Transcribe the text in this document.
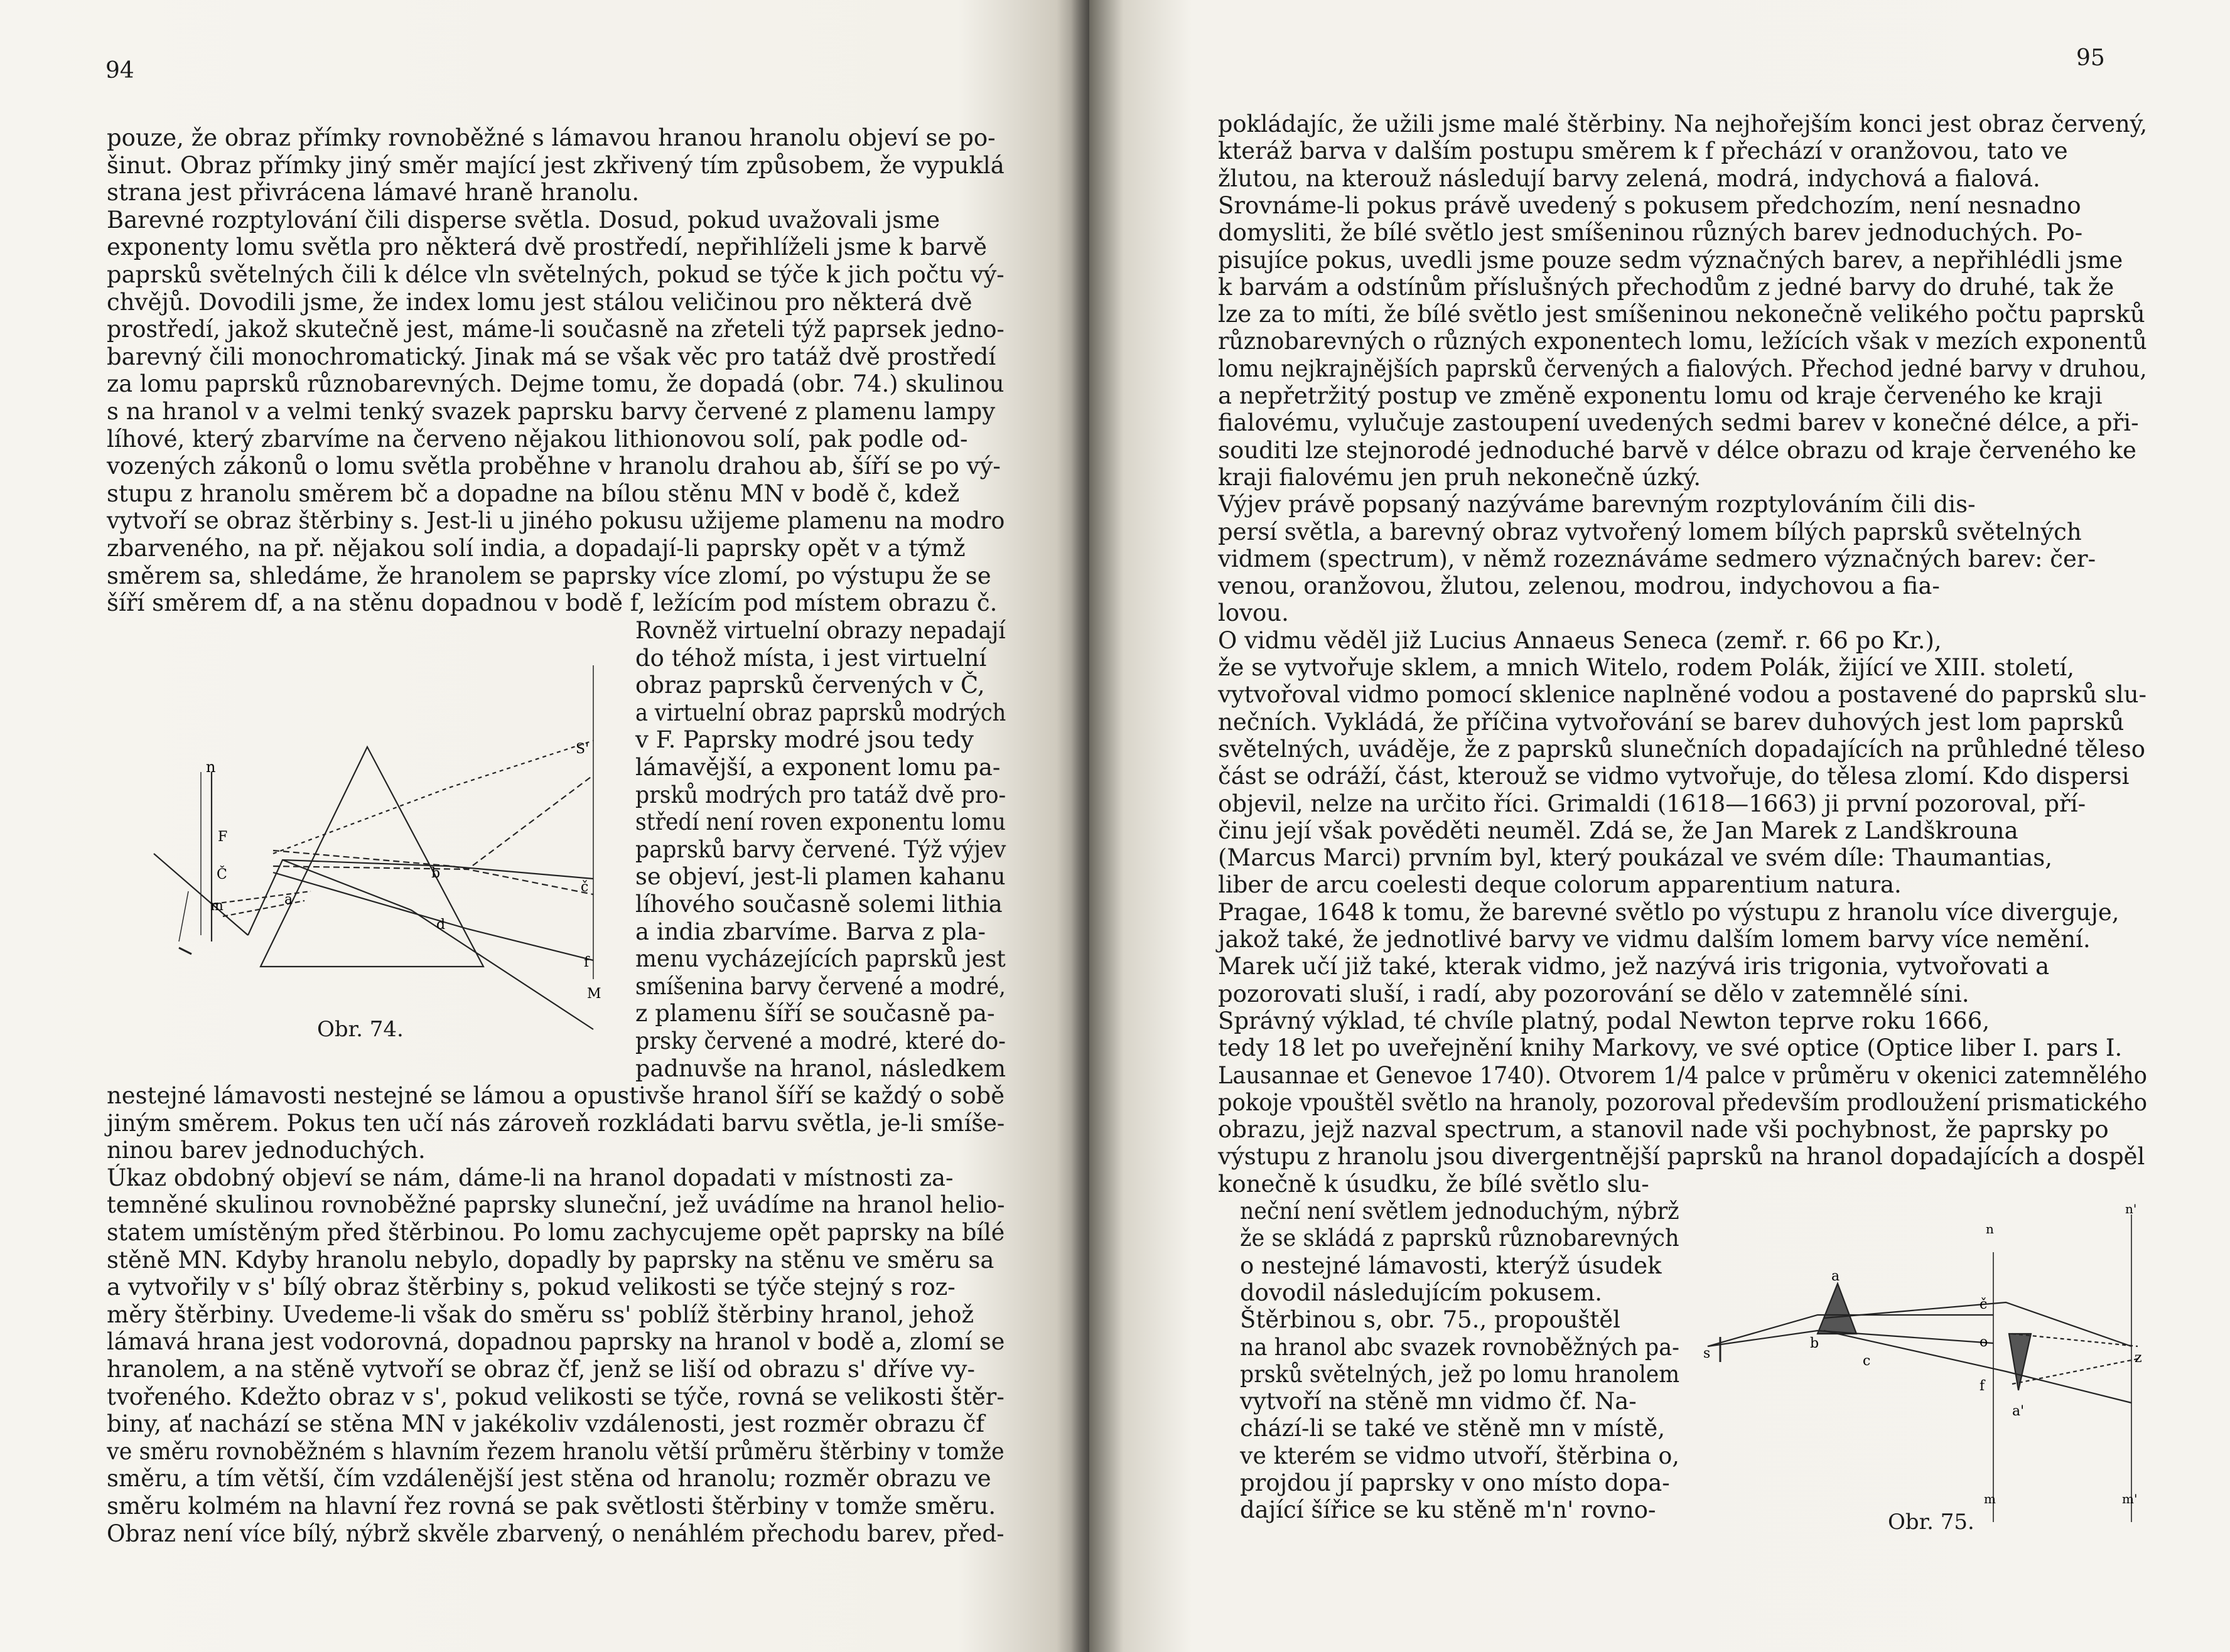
94
pouze, že obraz přímky rovnoběžné s lámavou hranou hranolu objeví se po-
šinut. Obraz přímky jiný směr mající jest zkřivený tím způsobem, že vypuklá
strana jest přivrácena lámavé hraně hranolu.
Barevné rozptylování čili disperse světla. Dosud, pokud uvažovali jsme
exponenty lomu světla pro některá dvě prostředí, nepřihlíželi jsme k barvě
paprsků světelných čili k délce vln světelných, pokud se týče k jich počtu vý-
chvějů. Dovodili jsme, že index lomu jest stálou veličinou pro některá dvě
prostředí, jakož skutečně jest, máme-li současně na zřeteli týž paprsek jedno-
barevný čili monochromatický. Jinak má se však věc pro tatáž dvě prostředí
za lomu paprsků různobarevných. Dejme tomu, že dopadá (obr. 74.) skulinou
s na hranol v a velmi tenký svazek paprsku barvy červené z plamenu lampy
líhové, který zbarvíme na červeno nějakou lithionovou solí, pak podle od-
vozených zákonů o lomu světla proběhne v hranolu drahou ab, šíří se po vý-
stupu z hranolu směrem bč a dopadne na bílou stěnu MN v bodě č, kdež
vytvoří se obraz štěrbiny s. Jest-li u jiného pokusu užijeme plamenu na modro
zbarveného, na př. nějakou solí india, a dopadají-li paprsky opět v a týmž
směrem sa, shledáme, že hranolem se paprsky více zlomí, po výstupu že se
šíří směrem df, a na stěnu dopadnou v bodě f, ležícím pod místem obrazu č.
Rovněž virtuelní obrazy nepadají
do téhož místa, i jest virtuelní
obraz paprsků červených v Č,
a virtuelní obraz paprsků modrých
v F. Paprsky modré jsou tedy
lámavější, a exponent lomu pa-
prsků modrých pro tatáž dvě pro-
středí není roven exponentu lomu
paprsků barvy červené. Týž výjev
se objeví, jest-li plamen kahanu
líhového současně solemi lithia
a india zbarvíme. Barva z pla-
menu vycházejících paprsků jest
smíšenina barvy červené a modré,
z plamenu šíří se současně pa-
prsky červené a modré, které do-
padnuvše na hranol, následkem
nestejné lámavosti nestejné se lámou a opustivše hranol šíří se každý o sobě
jiným směrem. Pokus ten učí nás zároveň rozkládati barvu světla, je-li smíše-
ninou barev jednoduchých.
Úkaz obdobný objeví se nám, dáme-li na hranol dopadati v místnosti za-
temněné skulinou rovnoběžné paprsky sluneční, jež uvádíme na hranol helio-
statem umístěným před štěrbinou. Po lomu zachycujeme opět paprsky na bílé
stěně MN. Kdyby hranolu nebylo, dopadly by paprsky na stěnu ve směru sa
a vytvořily v s' bílý obraz štěrbiny s, pokud velikosti se týče stejný s roz-
měry štěrbiny. Uvedeme-li však do směru ss' poblíž štěrbiny hranol, jehož
lámavá hrana jest vodorovná, dopadnou paprsky na hranol v bodě a, zlomí se
hranolem, a na stěně vytvoří se obraz čf, jenž se liší od obrazu s' dříve vy-
tvořeného. Kdežto obraz v s', pokud velikosti se týče, rovná se velikosti štěr-
biny, ať nachází se stěna MN v jakékoliv vzdálenosti, jest rozměr obrazu čf
ve směru rovnoběžném s hlavním řezem hranolu větší průměru štěrbiny v tomže
směru, a tím větší, čím vzdálenější jest stěna od hranolu; rozměr obrazu ve
směru kolmém na hlavní řez rovná se pak světlosti štěrbiny v tomže směru.
Obraz není více bílý, nýbrž skvěle zbarvený, o nenáhlém přechodu barev, před-
n
F
Č
m	a
b
d
S'
č
f
M
Obr. 74.
95
pokládajíc, že užili jsme malé štěrbiny. Na nejhořejším konci jest obraz červený,
kteráž barva v dalším postupu směrem k f přechází v oranžovou, tato ve
žlutou, na kterouž následují barvy zelená, modrá, indychová a fialová.
Srovnáme-li pokus právě uvedený s pokusem předchozím, není nesnadno
domysliti, že bílé světlo jest smíšeninou různých barev jednoduchých. Po-
pisujíce pokus, uvedli jsme pouze sedm význačných barev, a nepřihlédli jsme
k barvám a odstínům příslušných přechodům z jedné barvy do druhé, tak že
lze za to míti, že bílé světlo jest smíšeninou nekonečně velikého počtu paprsků
různobarevných o různých exponentech lomu, ležících však v mezích exponentů
lomu nejkrajnějších paprsků červených a fialových. Přechod jedné barvy v druhou,
a nepřetržitý postup ve změně exponentu lomu od kraje červeného ke kraji
fialovému, vylučuje zastoupení uvedených sedmi barev v konečné délce, a při-
souditi lze stejnorodé jednoduché barvě v délce obrazu od kraje červeného ke
kraji fialovému jen pruh nekonečně úzký.
Výjev právě popsaný nazýváme barevným rozptylováním čili dis-
persí světla, a barevný obraz vytvořený lomem bílých paprsků světelných
vidmem (spectrum), v němž rozeznáváme sedmero význačných barev: čer-
venou, oranžovou, žlutou, zelenou, modrou, indychovou a fia-
lovou.
O vidmu věděl již Lucius Annaeus Seneca (zemř. r. 66 po Kr.),
že se vytvořuje sklem, a mnich Witelo, rodem Polák, žijící ve XIII. století,
vytvořoval vidmo pomocí sklenice naplněné vodou a postavené do paprsků slu-
nečních. Vykládá, že příčina vytvořování se barev duhových jest lom paprsků
světelných, uváděje, že z paprsků slunečních dopadajících na průhledné těleso
část se odráží, část, kterouž se vidmo vytvořuje, do tělesa zlomí. Kdo dispersi
objevil, nelze na určito říci. Grimaldi (1618—1663) ji první pozoroval, pří-
činu její však pověděti neuměl. Zdá se, že Jan Marek z Landškrouna
(Marcus Marci) prvním byl, který poukázal ve svém díle: Thaumantias,
liber de arcu coelesti deque colorum apparentium natura.
Pragae, 1648 k tomu, že barevné světlo po výstupu z hranolu více diverguje,
jakož také, že jednotlivé barvy ve vidmu dalším lomem barvy více nemění.
Marek učí již také, kterak vidmo, jež nazývá iris trigonia, vytvořovati a
pozorovati sluší, i radí, aby pozorování se dělo v zatemnělé síni.
Správný výklad, té chvíle platný, podal Newton teprve roku 1666,
tedy 18 let po uveřejnění knihy Markovy, ve své optice (Optice liber I. pars I.
Lausannae et Genevoe 1740). Otvorem 1/4 palce v průměru v okenici zatemnělého
pokoje vpouštěl světlo na hranoly, pozoroval především prodloužení prismatického
obrazu, jejž nazval spectrum, a stanovil nade vši pochybnost, že paprsky po
výstupu z hranolu jsou divergentnější paprsků na hranol dopadajících a dospěl
konečně k úsudku, že bílé světlo slu-
neční není světlem jednoduchým, nýbrž
že se skládá z paprsků různobarevných
o nestejné lámavosti, kterýž úsudek
dovodil následujícím pokusem.
Štěrbinou s, obr. 75., propouštěl
na hranol abc svazek rovnoběžných pa-
prsků světelných, jež po lomu hranolem
vytvoří na stěně mn vidmo čf. Na-
chází-li se také ve stěně mn v místě,
ve kterém se vidmo utvoří, štěrbina o,
projdou jí paprsky v ono místo dopa-
dající šířice se ku stěně m'n' rovno-
n
n'
a
s
b
c
č
o
f
z
a'
m	m'
Obr. 75.
